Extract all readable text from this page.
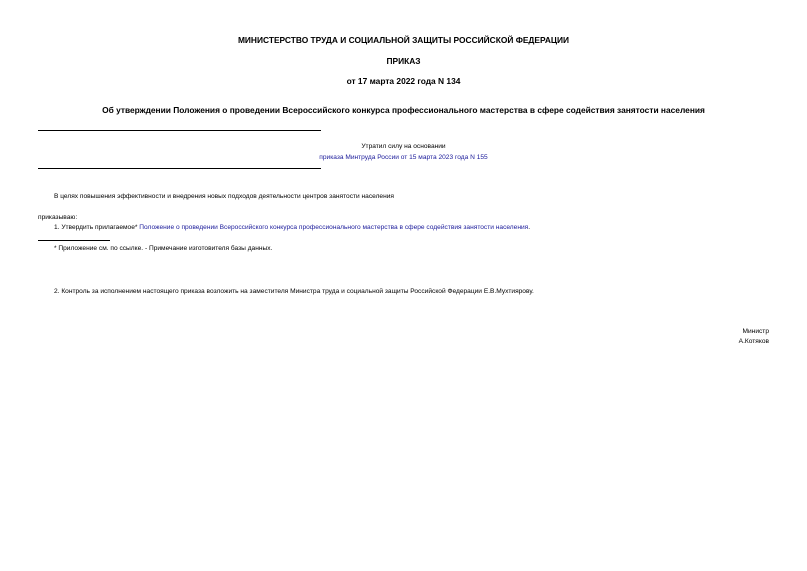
МИНИСТЕРСТВО ТРУДА И СОЦИАЛЬНОЙ ЗАЩИТЫ РОССИЙСКОЙ ФЕДЕРАЦИИ
ПРИКАЗ
от 17 марта 2022 года N 134
Об утверждении Положения о проведении Всероссийского конкурса профессионального мастерства в сфере содействия занятости населения
Утратил силу на основании
приказа Минтруда России от 15 марта 2023 года N 155
В целях повышения эффективности и внедрения новых подходов деятельности центров занятости населения
приказываю:
1. Утвердить прилагаемое* Положение о проведении Всероссийского конкурса профессионального мастерства в сфере содействия занятости населения.
* Приложение см. по ссылке. - Примечание изготовителя базы данных.
2. Контроль за исполнением настоящего приказа возложить на заместителя Министра труда и социальной защиты Российской Федерации Е.В.Мухтиярову.
Министр
А.Котяков
